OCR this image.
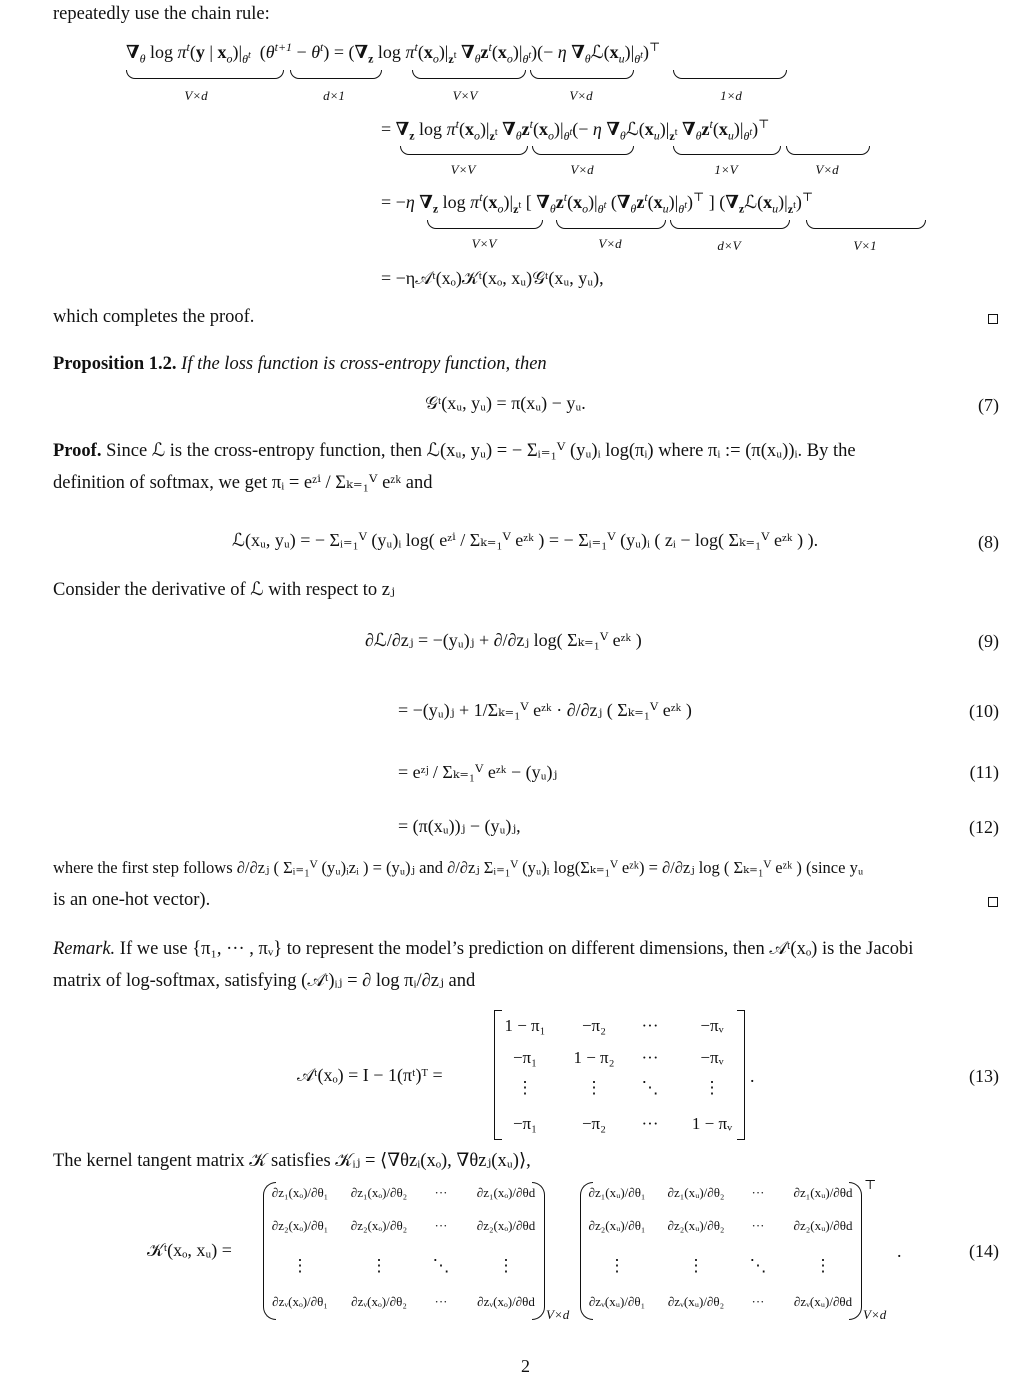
repeatedly use the chain rule:
$\nabla_\theta$ $\log \pi^t(y$ | $x_o)|_{\theta^t}$  $(\theta^{t+1} - \theta^t) = (\nabla_z$ $\log \pi^t(x_o)|_{z^t}$ $\nabla_\theta z^t(x_o)|_{\theta^t})(- \eta$ $\nabla_\theta ℒ(x_u)|_{\theta^t})^⊤$
V×d	d×1	V×V	V×d	1×d
= $\nabla_z$ $\log \pi^t(x_o)|_{z^t}$ $\nabla_\theta z^t(x_o)|_{\theta^t}(- \eta$ $\nabla_\theta ℒ(x_u)|_{z^t}$ $\nabla_\theta z^t(x_u)|_{\theta^t})^⊤$
V×V	V×d	1×V	V×d
= −η $\nabla_z$ $\log \pi^t(x_o)|_{z^t}$ [ $\nabla_\theta z^t(x_o)|_{\theta^t}$ $(\nabla_\theta z^t(x_u)|_{\theta^t})^⊤$ ] $(\nabla_zℒ(x_u)|_{z^t})^⊤$
V×V	V×d	d×V	V×1
= −η𝒜ᵗ(xₒ)𝒦ᵗ(xₒ, xᵤ)𝒢ᵗ(xᵤ, yᵤ),
which completes the proof.
Proposition 1.2. If the loss function is cross-entropy function, then
𝒢ᵗ(xᵤ, yᵤ) = π(xᵤ) − yᵤ.	(7)
Proof. Since ℒ is the cross-entropy function, then ℒ(xᵤ, yᵤ) = − Σᵢ₌₁ⱽ (yᵤ)ᵢ log(πᵢ) where πᵢ := (π(xᵤ))ᵢ. By the
definition of softmax, we get πᵢ = eᶻⁱ / Σₖ₌₁ⱽ eᶻᵏ and
ℒ(xᵤ, yᵤ) = − Σᵢ₌₁ⱽ (yᵤ)ᵢ log( eᶻⁱ / Σₖ₌₁ⱽ eᶻᵏ ) = − Σᵢ₌₁ⱽ (yᵤ)ᵢ ( zᵢ − log( Σₖ₌₁ⱽ eᶻᵏ ) ).	(8)
Consider the derivative of ℒ with respect to zⱼ
∂ℒ/∂zⱼ = −(yᵤ)ⱼ + ∂/∂zⱼ log( Σₖ₌₁ⱽ eᶻᵏ )	(9)
= −(yᵤ)ⱼ + 1/Σₖ₌₁ⱽ eᶻᵏ · ∂/∂zⱼ ( Σₖ₌₁ⱽ eᶻᵏ )	(10)
= eᶻʲ / Σₖ₌₁ⱽ eᶻᵏ − (yᵤ)ⱼ	(11)
= (π(xᵤ))ⱼ − (yᵤ)ⱼ,	(12)
where the first step follows ∂/∂zⱼ ( Σᵢ₌₁ⱽ (yᵤ)ᵢzᵢ ) = (yᵤ)ⱼ and ∂/∂zⱼ Σᵢ₌₁ⱽ (yᵤ)ᵢ log(Σₖ₌₁ⱽ eᶻᵏ) = ∂/∂zⱼ log ( Σₖ₌₁ⱽ eᶻᵏ ) (since yᵤ
is an one-hot vector).
Remark. If we use {π₁, ··· , πᵥ} to represent the model’s prediction on different dimensions, then 𝒜ᵗ(xₒ) is the Jacobi
matrix of log-softmax, satisfying (𝒜ᵗ)ᵢⱼ = ∂ log πᵢ/∂zⱼ and
𝒜ᵗ(xₒ) = I − 1(πᵗ)ᵀ =
1 − π₁ −π₂ ··· −πᵥ
−π₁ 1 − π₂ ··· −πᵥ
⋮	⋮ ⋱	⋮
−π₁	−π₂ ··· 1 − πᵥ
.	(13)
The kernel tangent matrix 𝒦 satisfies 𝒦ᵢⱼ = ⟨∇θzᵢ(xₒ), ∇θzⱼ(xᵤ)⟩,
𝒦ᵗ(xₒ, xᵤ) =
V×d
∂z₁(xₒ)/∂θ₁ ∂z₁(xₒ)/∂θ₂ ··· ∂z₁(xₒ)/∂θd
∂z₂(xₒ)/∂θ₁ ∂z₂(xₒ)/∂θ₂ ··· ∂z₂(xₒ)/∂θd
⋮	⋮	⋱	⋮
∂zᵥ(xₒ)/∂θ₁ ∂zᵥ(xₒ)/∂θ₂ ··· ∂zᵥ(xₒ)/∂θd
V×d
⊤
∂z₁(xᵤ)/∂θ₁ ∂z₁(xᵤ)/∂θ₂ ··· ∂z₁(xᵤ)/∂θd
∂z₂(xᵤ)/∂θ₁ ∂z₂(xᵤ)/∂θ₂ ··· ∂z₂(xᵤ)/∂θd
⋮	⋮	⋱	⋮
∂zᵥ(xᵤ)/∂θ₁ ∂zᵥ(xᵤ)/∂θ₂ ··· ∂zᵥ(xᵤ)/∂θd
.	(14)
2
